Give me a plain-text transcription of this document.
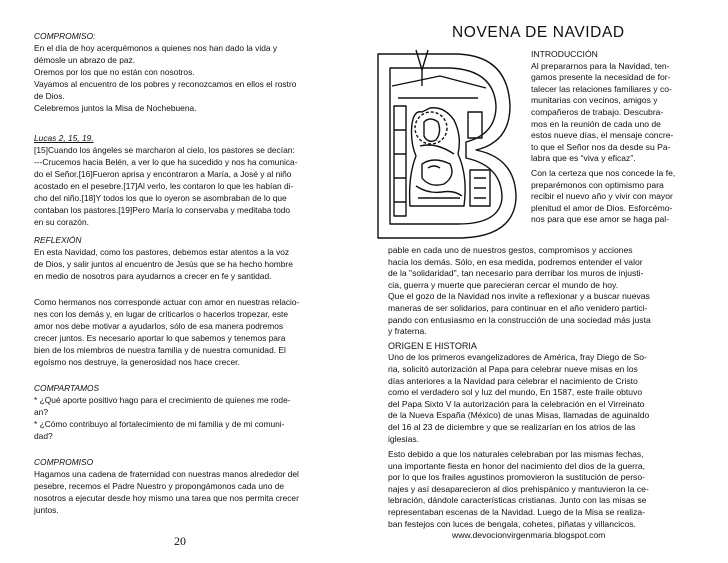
COMPROMISO:

En el día de hoy acerquémonos a quienes nos han dado la vida y

démosle un abrazo de paz.

Oremos por los que no están con nosotros.

Vayamos al encuentro de los pobres y reconozcamos en ellos el rostro

de Dios.

Celebremos juntos la Misa de Nochebuena.

Lucas 2, 15, 19.

[15]Cuando los ángeles se marcharon al cielo, los pastores se decían:

---Crucemos hacia Belén, a ver lo que ha sucedido y nos ha comunica-

do el Señor.[16]Fueron aprisa y encontraron a María, a José y al niño

acostado en el pesebre.[17]Al verlo, les contaron lo que les habían di-

cho del niño.[18]Y todos los que lo oyeron se asombraban de lo que

contaban los pastores.[19]Pero María lo conservaba y meditaba todo

en su corazón.

REFLEXIÓN

En esta Navidad, como los pastores, debemos estar atentos a la voz

de Dios, y salir juntos al encuentro de Jesús que se ha hecho hombre

en medio de nosotros para ayudarnos a crecer en fe y santidad.

Como hermanos nos corresponde actuar con amor en nuestras relacio-

nes con los demás y, en lugar de criticarlos o hacerlos tropezar, este

amor nos debe motivar a ayudarlos, sólo de esa manera podremos

crecer juntos. Es necesario aportar lo que sabemos y tenemos para

bien de los miembros de nuestra familia y de nuestra comunidad. El

egoísmo nos destruye, la generosidad nos hace crecer.

COMPARTAMOS

* ¿Qué aporte positivo hago para el crecimiento de quienes me rode-

an?

* ¿Cómo contribuyo al fortalecimiento de mi familia y de mi comuni-

dad?

COMPROMISO

Hagamos una cadena de fraternidad con nuestras manos alrededor del

pesebre, recemos el Padre Nuestro y propongámonos cada uno de

nosotros a ejecutar desde hoy mismo una tarea que nos permita crecer

juntos.

20
NOVENA DE NAVIDAD

INTRODUCCIÓN

Al prepararnos para la Navidad, ten-

gamos presente la necesidad de for-

talecer las relaciones familiares y co-

munitarias con vecinos, amigos y

compañeros de trabajo. Descubra-

mos en la reunión de cada uno de

estos nueve días, el mensaje concre-

to que el Señor nos da desde su Pa-

labra que es “viva y eficaz”.

Con la certeza que nos concede la fe,

preparémonos con optimismo para

recibir el nuevo año y vivir con mayor

plenitud el amor de Dios. Esforcémo-

nos para que ese amor se haga pal-

pable en cada uno de nuestros gestos, compromisos y acciones

hacia los demás. Sólo, en esa medida, podremos entender el valor

de la "solidaridad", tan necesario para derribar los muros de injusti-

cia, guerra y muerte que parecieran cercar el mundo de hoy.

Que el gozo de la Navidad nos invite a reflexionar y a buscar nuevas

maneras de ser solidarios, para continuar en el año venidero partici-

pando con entusiasmo en la construcción de una sociedad más justa

y fraterna.

ORIGEN E HISTORIA

Uno de los primeros evangelizadores de América, fray Diego de So-

ria, solicitó autorización al Papa para celebrar nueve misas en los

días anteriores a la Navidad para celebrar el nacimiento de Cristo

como el verdadero sol y luz del mundo, En 1587, este fraile obtuvo

del Papa Sixto V la autorización para la celebración en el Virreinato

de la Nueva España (México) de unas Misas, llamadas de aguinaldo

del 16 al 23 de diciembre y que se realizarían en los atrios de las

iglesias.

Esto debido a que los naturales celebraban por las mismas fechas,

una importante fiesta en honor del nacimiento del dios de la guerra,

por lo que los frailes agustinos promovieron la sustitución de perso-

najes y así desaparecieron al dios prehispánico y mantuvieron la ce-

lebración, dándole características cristianas. Junto con las misas se

representaban escenas de la Navidad. Luego de la Misa se realiza-

ban festejos con luces de bengala, cohetes, piñatas y villancicos.

www.devocionvirgenmaria.blogspot.com
